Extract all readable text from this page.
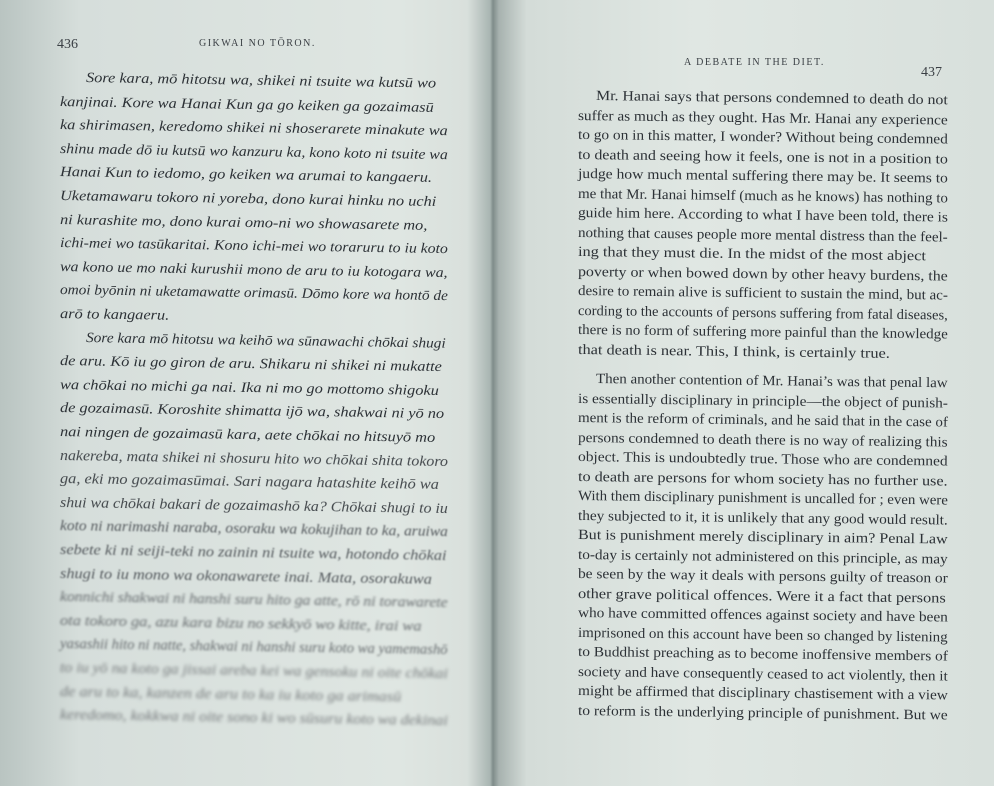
436	GIKWAI NO TŌRON.
Sore kara, mō hitotsu wa, shikei ni tsuite wa kutsū wo
kanjinai. Kore wa Hanai Kun ga go keiken ga gozaimasū
ka shirimasen, keredomo shikei ni shoserarete minakute wa
shinu made dō iu kutsū wo kanzuru ka, kono koto ni tsuite wa
Hanai Kun to iedomo, go keiken wa arumai to kangaeru.
Uketamawaru tokoro ni yoreba, dono kurai hinku no uchi
ni kurashite mo, dono kurai omo-ni wo showasarete mo,
ichi-mei wo tasūkaritai. Kono ichi-mei wo toraruru to iu koto
wa kono ue mo naki kurushii mono de aru to iu kotogara wa,
omoi byōnin ni uketamawatte orimasū. Dōmo kore wa hontō de
arō to kangaeru.
Sore kara mō hitotsu wa keihō wa sūnawachi chōkai shugi
de aru. Kō iu go giron de aru. Shikaru ni shikei ni mukatte
wa chōkai no michi ga nai. Ika ni mo go mottomo shigoku
de gozaimasū. Koroshite shimatta ijō wa, shakwai ni yō no
nai ningen de gozaimasū kara, aete chōkai no hitsuyō mo
nakereba, mata shikei ni shosuru hito wo chōkai shita tokoro
ga, eki mo gozaimasūmai. Sari nagara hatashite keihō wa
shui wa chōkai bakari de gozaimashō ka? Chōkai shugi to iu
koto ni narimashi naraba, osoraku wa kokujihan to ka, aruiwa
sebete ki ni seiji-teki no zainin ni tsuite wa, hotondo chōkai
shugi to iu mono wa okonawarete inai. Mata, osorakuwa
konnichi shakwai ni hanshi suru hito ga atte, rō ni torawarete
ota tokoro ga, azu kara bizu no sekkyō wo kitte, irai wa
yasashii hito ni natte, shakwai ni hanshi suru koto wa yamemashō
to iu yō na koto ga jissai areba kei wa gensoku ni oite chōkai
de aru to ka, kanzen de aru to ka iu koto ga arimasū
keredomo, kokkwa ni oite sono ki wo sūsuru koto wa dekinai
A DEBATE IN THE DIET.
437
Mr. Hanai says that persons condemned to death do not
suffer as much as they ought. Has Mr. Hanai any experience
to go on in this matter, I wonder? Without being condemned
to death and seeing how it feels, one is not in a position to
judge how much mental suffering there may be. It seems to
me that Mr. Hanai himself (much as he knows) has nothing to
guide him here. According to what I have been told, there is
nothing that causes people more mental distress than the feel-
ing that they must die. In the midst of the most abject
poverty or when bowed down by other heavy burdens, the
desire to remain alive is sufficient to sustain the mind, but ac-
cording to the accounts of persons suffering from fatal diseases,
there is no form of suffering more painful than the knowledge
that death is near. This, I think, is certainly true.
Then another contention of Mr. Hanai’s was that penal law
is essentially disciplinary in principle—the object of punish-
ment is the reform of criminals, and he said that in the case of
persons condemned to death there is no way of realizing this
object. This is undoubtedly true. Those who are condemned
to death are persons for whom society has no further use.
With them disciplinary punishment is uncalled for ; even were
they subjected to it, it is unlikely that any good would result.
But is punishment merely disciplinary in aim? Penal Law
to-day is certainly not administered on this principle, as may
be seen by the way it deals with persons guilty of treason or
other grave political offences. Were it a fact that persons
who have committed offences against society and have been
imprisoned on this account have been so changed by listening
to Buddhist preaching as to become inoffensive members of
society and have consequently ceased to act violently, then it
might be affirmed that disciplinary chastisement with a view
to reform is the underlying principle of punishment. But we
